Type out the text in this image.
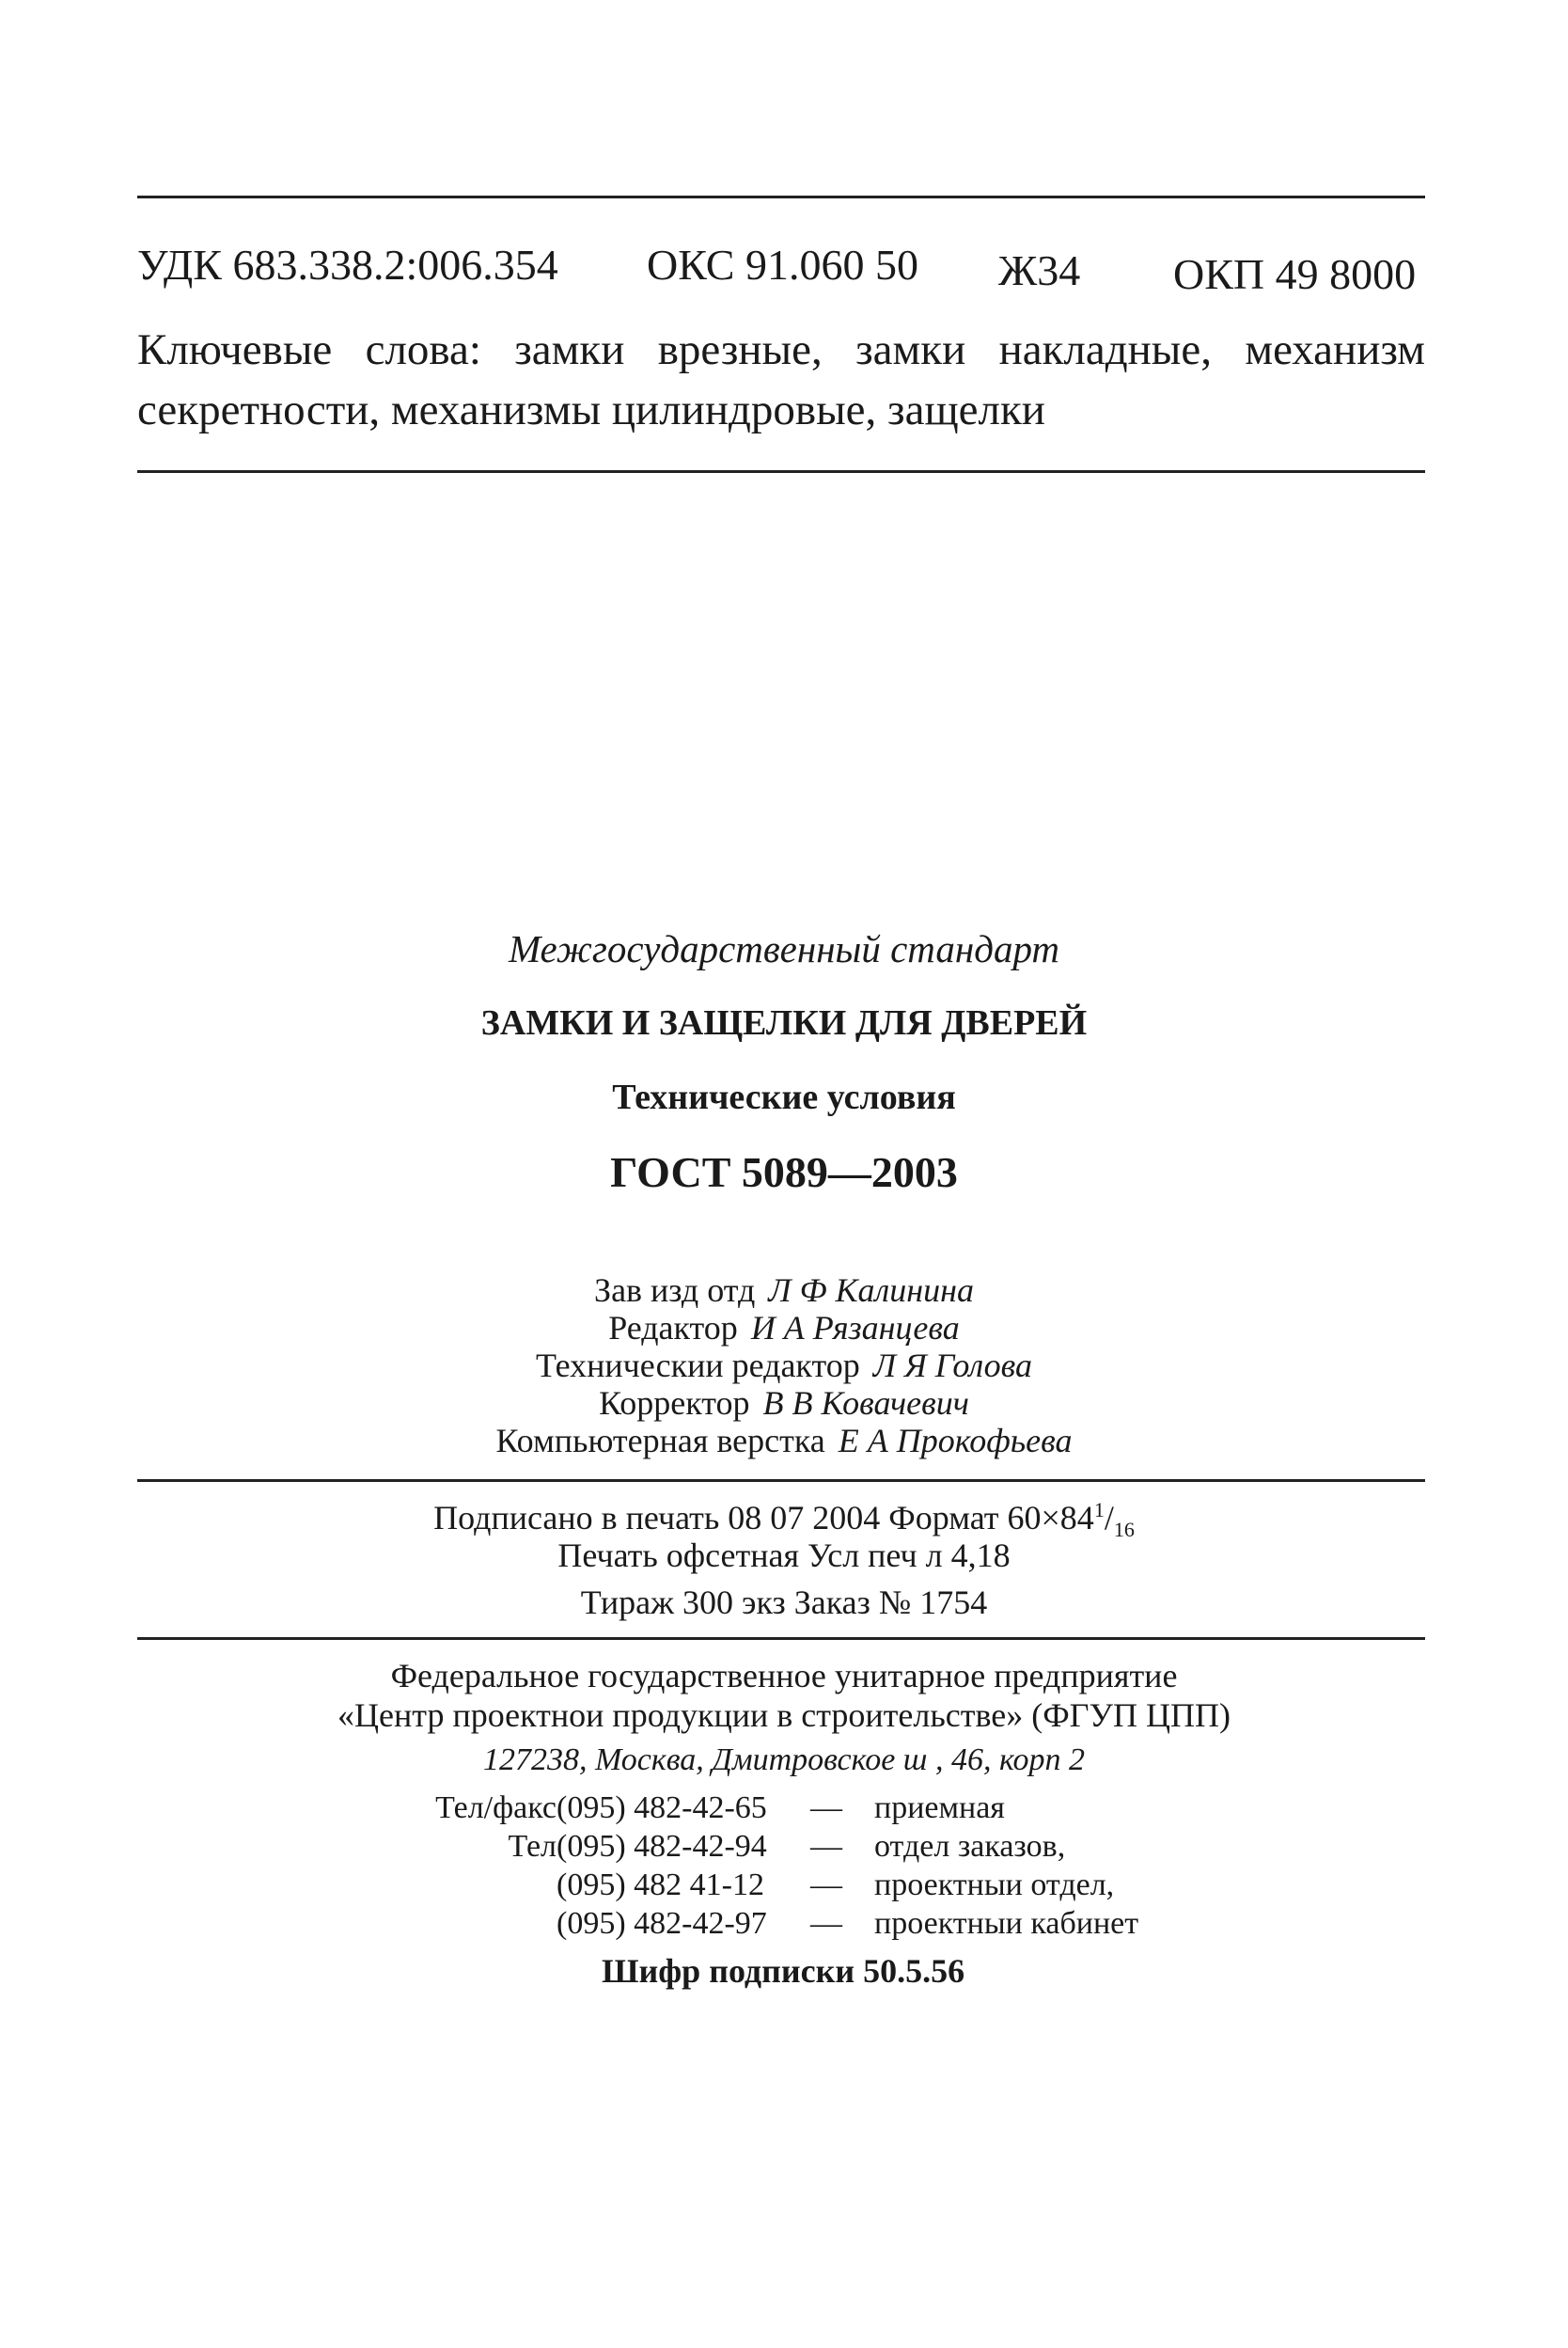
УДК 683.338.2:006.354 ОКС 91.060 50 Ж34 ОКП 49 8000
Ключевые слова: замки врезные, замки накладные, механизм секретности, механизмы цилиндровые, защелки
Межгосударственный стандарт
ЗАМКИ И ЗАЩЕЛКИ ДЛЯ ДВЕРЕЙ
Технические условия
ГОСТ 5089—2003
Зав изд отд Л Ф Калинина
Редактор И А Рязанцева
Техническии редактор Л Я Голова
Корректор В В Ковачевич
Компьютерная верстка Е А Прокофьева
Подписано в печать 08 07 2004 Формат $60\times 84^1/_{16}$
Печать офсетная Усл печ л 4,18
Тираж 300 экз Заказ № 1754
Федеральное государственное унитарное предприятие
«Центр проектнои продукции в строительстве» (ФГУП ЦПП)
127238, Москва, Дмитровское ш , 46, корп 2
Тел/факс (095) 482-42-65 — приемная
Тел (095) 482-42-94 — отдел заказов,
(095) 482 41-12 — проектныи отдел,
(095) 482-42-97 — проектныи кабинет
Шифр подписки 50.5.56
